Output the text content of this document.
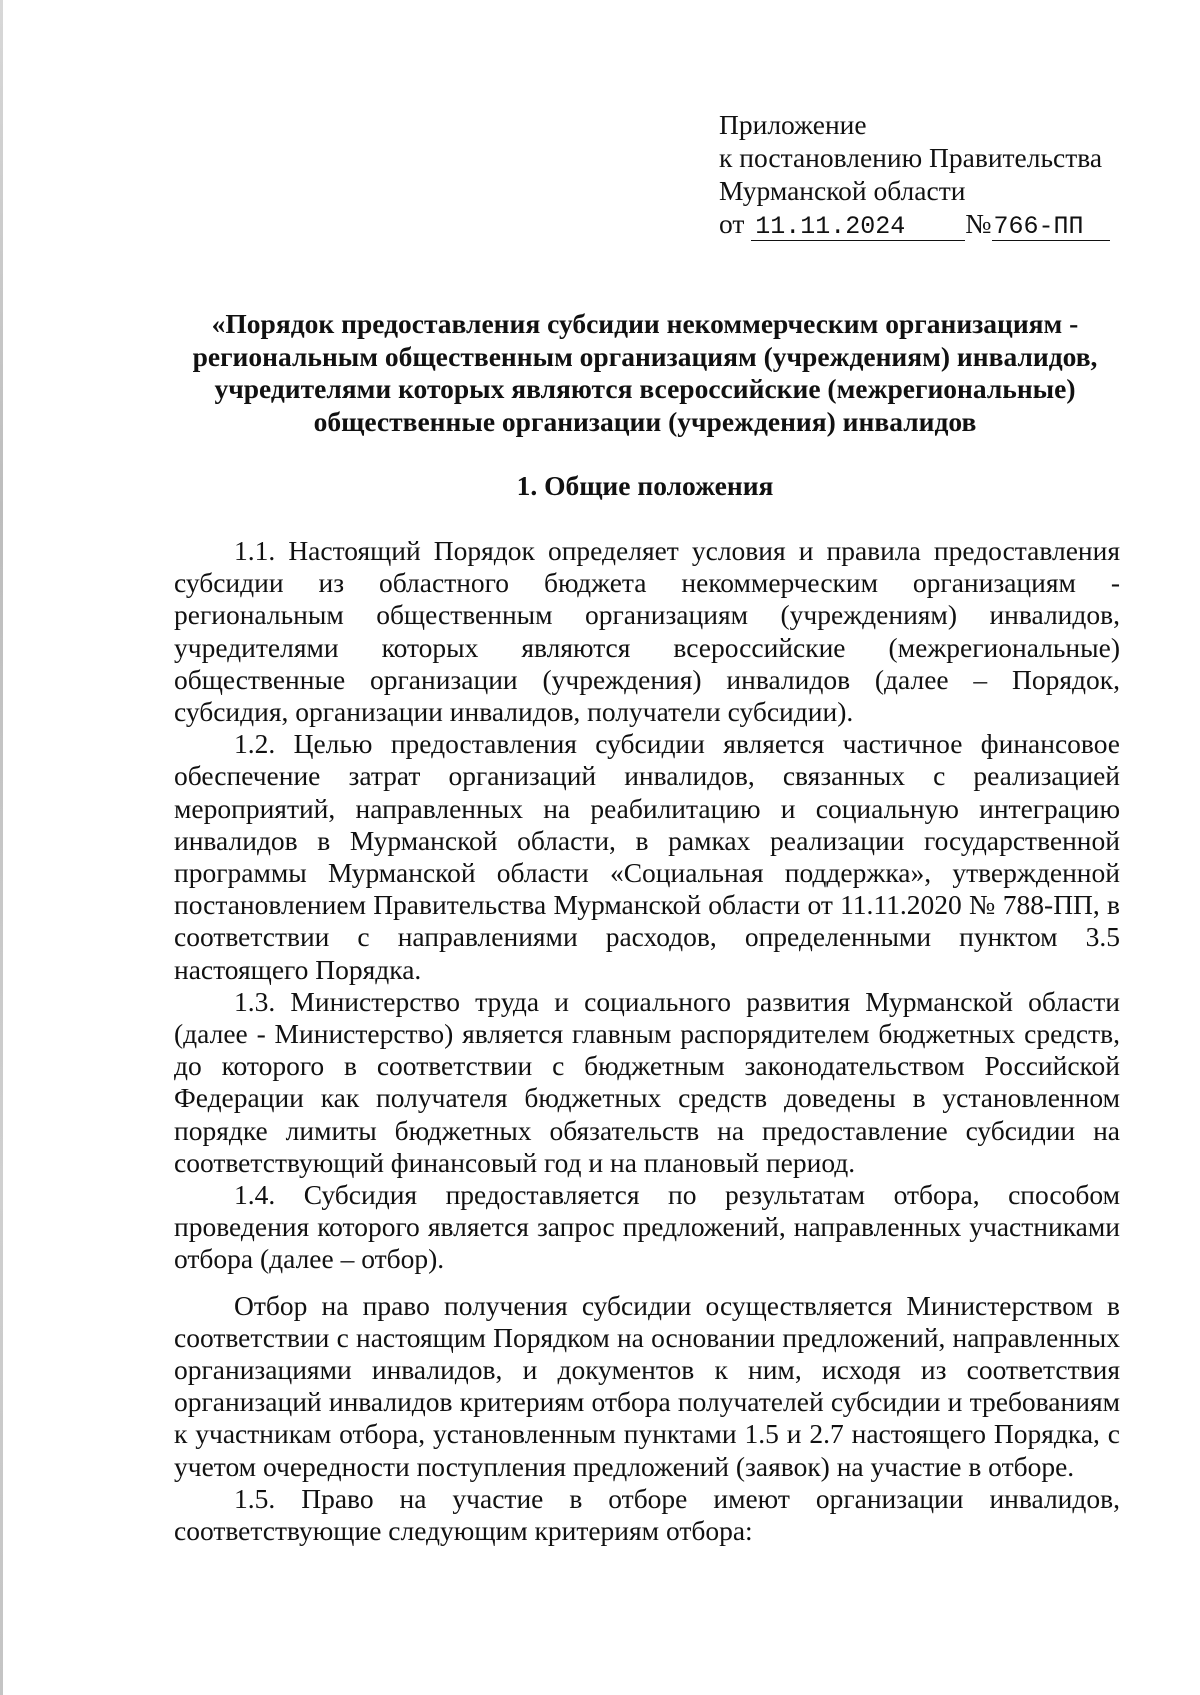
Приложение
к постановлению Правительства
Мурманской области
от 11.11.2024 №766-ПП
«Порядок предоставления субсидии некоммерческим организациям -
региональным общественным организациям (учреждениям) инвалидов,
учредителями которых являются всероссийские (межрегиональные)
общественные организации (учреждения) инвалидов
1. Общие положения

1.1. Настоящий Порядок определяет условия и правила предоставления субсидии из областного бюджета некоммерческим организациям - региональным общественным организациям (учреждениям) инвалидов, учредителями которых являются всероссийские (межрегиональные) общественные организации (учреждения) инвалидов (далее – Порядок, субсидия, организации инвалидов, получатели субсидии).

1.2. Целью предоставления субсидии является частичное финансовое обеспечение затрат организаций инвалидов, связанных с реализацией мероприятий, направленных на реабилитацию и социальную интеграцию инвалидов в Мурманской области, в рамках реализации государственной программы Мурманской области «Социальная поддержка», утвержденной постановлением Правительства Мурманской области от 11.11.2020 № 788-ПП, в соответствии с направлениями расходов, определенными пунктом 3.5 настоящего Порядка.

1.3. Министерство труда и социального развития Мурманской области (далее - Министерство) является главным распорядителем бюджетных средств, до которого в соответствии с бюджетным законодательством Российской Федерации как получателя бюджетных средств доведены в установленном порядке лимиты бюджетных обязательств на предоставление субсидии на соответствующий финансовый год и на плановый период.

1.4. Субсидия предоставляется по результатам отбора, способом проведения которого является запрос предложений, направленных участниками отбора (далее – отбор).

Отбор на право получения субсидии осуществляется Министерством в соответствии с настоящим Порядком на основании предложений, направленных организациями инвалидов, и документов к ним, исходя из соответствия организаций инвалидов критериям отбора получателей субсидии и требованиям к участникам отбора, установленным пунктами 1.5 и 2.7 настоящего Порядка, с учетом очередности поступления предложений (заявок) на участие в отборе.

1.5. Право на участие в отборе имеют организации инвалидов, соответствующие следующим критериям отбора:
